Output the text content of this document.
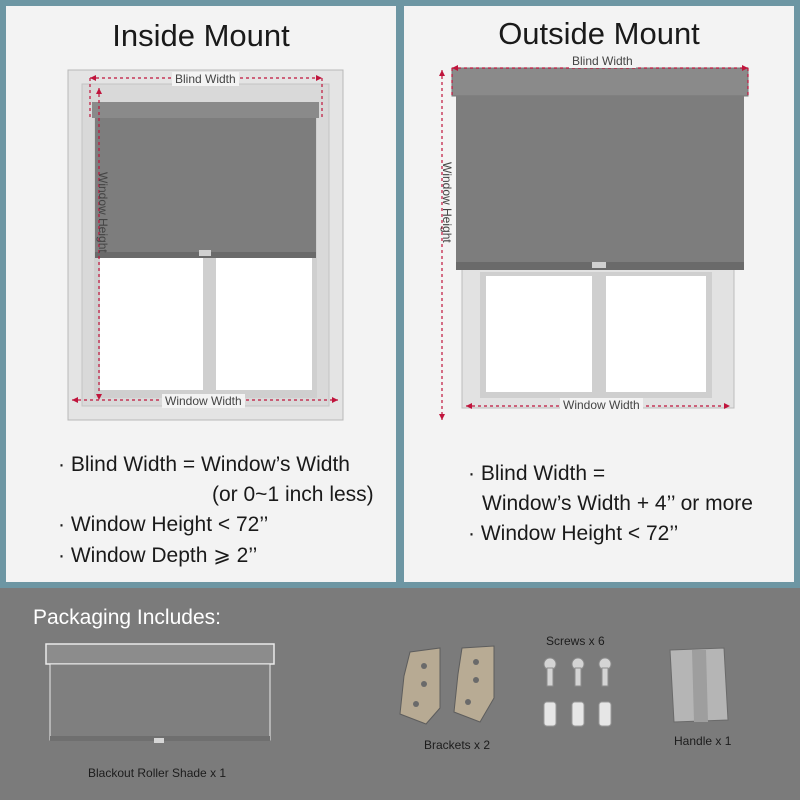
Inside Mount
Blind Width
Window Height
Window Width
· Blind Width = Window’s Width
(or 0~1 inch less)
· Window Height < 72’’
· Window Depth ⩾ 2’’
Outside Mount
Blind Width
Window Height
Window Width
· Blind Width =
Window’s Width + 4’’ or more
· Window Height < 72’’
Packaging Includes:
Blackout Roller Shade x 1
Brackets x 2
Screws x 6
Handle x 1
